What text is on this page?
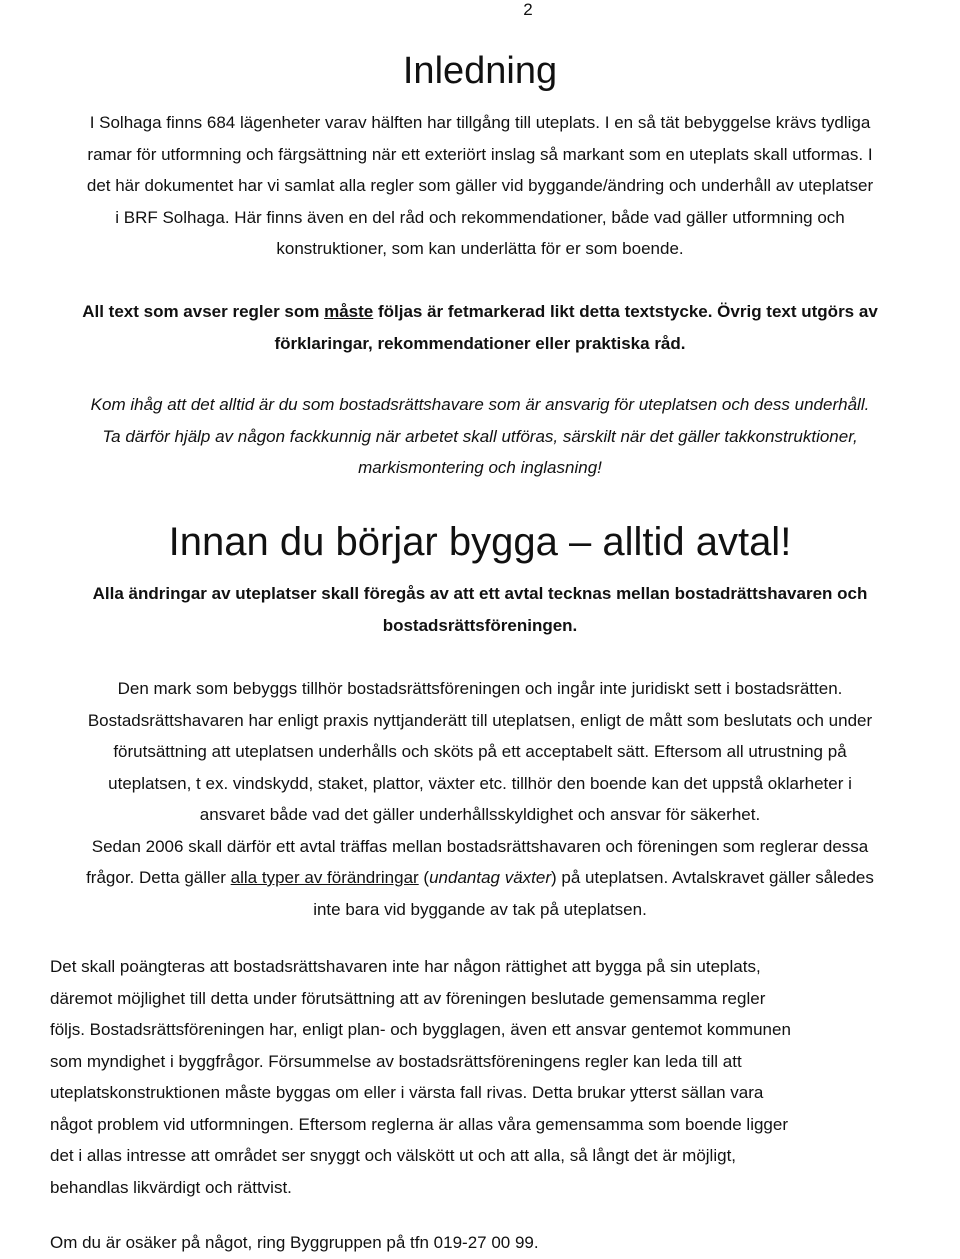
2
Inledning
I Solhaga finns 684 lägenheter varav hälften har tillgång till uteplats. I en så tät bebyggelse krävs tydliga
ramar för utformning och färgsättning när ett exteriört inslag så markant som en uteplats skall utformas. I
det här dokumentet har vi samlat alla regler som gäller vid byggande/ändring och underhåll av uteplatser
i BRF Solhaga. Här finns även en del råd och rekommendationer, både vad gäller utformning och
konstruktioner, som kan underlätta för er som boende.
All text som avser regler som måste följas är fetmarkerad likt detta textstycke. Övrig text utgörs av
förklaringar, rekommendationer eller praktiska råd.
Kom ihåg att det alltid är du som bostadsrättshavare som är ansvarig för uteplatsen och dess underhåll.
Ta därför hjälp av någon fackkunnig när arbetet skall utföras, särskilt när det gäller takkonstruktioner,
markismontering och inglasning!
Innan du börjar bygga – alltid avtal!
Alla ändringar av uteplatser skall föregås av att ett avtal tecknas mellan bostadrättshavaren och
bostadsrättsföreningen.
Den mark som bebyggs tillhör bostadsrättsföreningen och ingår inte juridiskt sett i bostadsrätten.
Bostadsrättshavaren har enligt praxis nyttjanderätt till uteplatsen, enligt de mått som beslutats och under
förutsättning att uteplatsen underhålls och sköts på ett acceptabelt sätt. Eftersom all utrustning på
uteplatsen, t ex. vindskydd, staket, plattor, växter etc. tillhör den boende kan det uppstå oklarheter i
ansvaret både vad det gäller underhållsskyldighet och ansvar för säkerhet.
Sedan 2006 skall därför ett avtal träffas mellan bostadsrättshavaren och föreningen som reglerar dessa
frågor. Detta gäller alla typer av förändringar (undantag växter) på uteplatsen. Avtalskravet gäller således
inte bara vid byggande av tak på uteplatsen.
Det skall poängteras att bostadsrättshavaren inte har någon rättighet att bygga på sin uteplats,
däremot möjlighet till detta under förutsättning att av föreningen beslutade gemensamma regler
följs. Bostadsrättsföreningen har, enligt plan- och bygglagen, även ett ansvar gentemot kommunen
som myndighet i byggfrågor. Försummelse av bostadsrättsföreningens regler kan leda till att
uteplatskonstruktionen måste byggas om eller i värsta fall rivas. Detta brukar ytterst sällan vara
något problem vid utformningen. Eftersom reglerna är allas våra gemensamma som boende ligger
det i allas intresse att området ser snyggt och välskött ut och att alla, så långt det är möjligt,
behandlas likvärdigt och rättvist.
Om du är osäker på något, ring Byggruppen på tfn 019-27 00 99.
